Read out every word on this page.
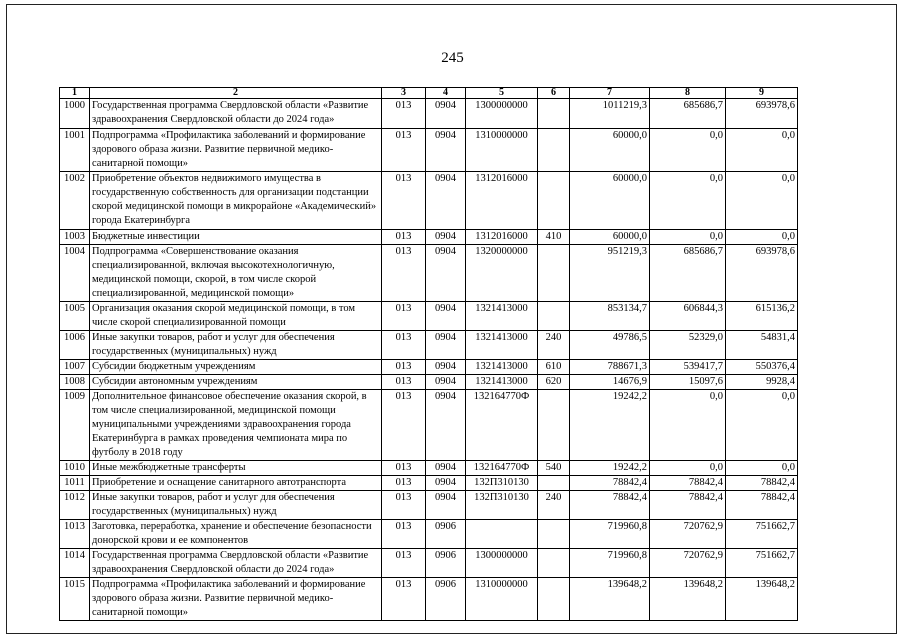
245
1	2	3	4	5	6	7	8	9
1000	Государственная программа Свердловской области «Развитие здравоохранения Свердловской области до 2024 года»	013	0904	1300000000		1011219,3	685686,7	693978,6
1001	Подпрограмма «Профилактика заболеваний и формирование здорового образа жизни. Развитие первичной медико-санитарной помощи»	013	0904	1310000000		60000,0	0,0	0,0
1002	Приобретение объектов недвижимого имущества в государственную собственность для организации подстанции скорой медицинской помощи в микрорайоне «Академический» города Екатеринбурга	013	0904	1312016000		60000,0	0,0	0,0
1003	Бюджетные инвестиции	013	0904	1312016000	410	60000,0	0,0	0,0
1004	Подпрограмма «Совершенствование оказания специализированной, включая высокотехнологичную, медицинской помощи, скорой, в том числе скорой специализированной, медицинской помощи»	013	0904	1320000000		951219,3	685686,7	693978,6
1005	Организация оказания скорой медицинской помощи, в том числе скорой специализированной помощи	013	0904	1321413000		853134,7	606844,3	615136,2
1006	Иные закупки товаров, работ и услуг для обеспечения государственных (муниципальных) нужд	013	0904	1321413000	240	49786,5	52329,0	54831,4
1007	Субсидии бюджетным учреждениям	013	0904	1321413000	610	788671,3	539417,7	550376,4
1008	Субсидии автономным учреждениям	013	0904	1321413000	620	14676,9	15097,6	9928,4
1009	Дополнительное финансовое обеспечение оказания скорой, в том числе специализированной, медицинской помощи муниципальными учреждениями здравоохранения города Екатеринбурга в рамках проведения чемпионата мира по футболу в 2018 году	013	0904	132164770Ф		19242,2	0,0	0,0
1010	Иные межбюджетные трансферты	013	0904	132164770Ф	540	19242,2	0,0	0,0
1011	Приобретение и оснащение санитарного автотранспорта	013	0904	132П310130		78842,4	78842,4	78842,4
1012	Иные закупки товаров, работ и услуг для обеспечения государственных (муниципальных) нужд	013	0904	132П310130	240	78842,4	78842,4	78842,4
1013	Заготовка, переработка, хранение и обеспечение безопасности донорской крови и ее компонентов	013	0906			719960,8	720762,9	751662,7
1014	Государственная программа Свердловской области «Развитие здравоохранения Свердловской области до 2024 года»	013	0906	1300000000		719960,8	720762,9	751662,7
1015	Подпрограмма «Профилактика заболеваний и формирование здорового образа жизни. Развитие первичной медико-санитарной помощи»	013	0906	1310000000		139648,2	139648,2	139648,2
